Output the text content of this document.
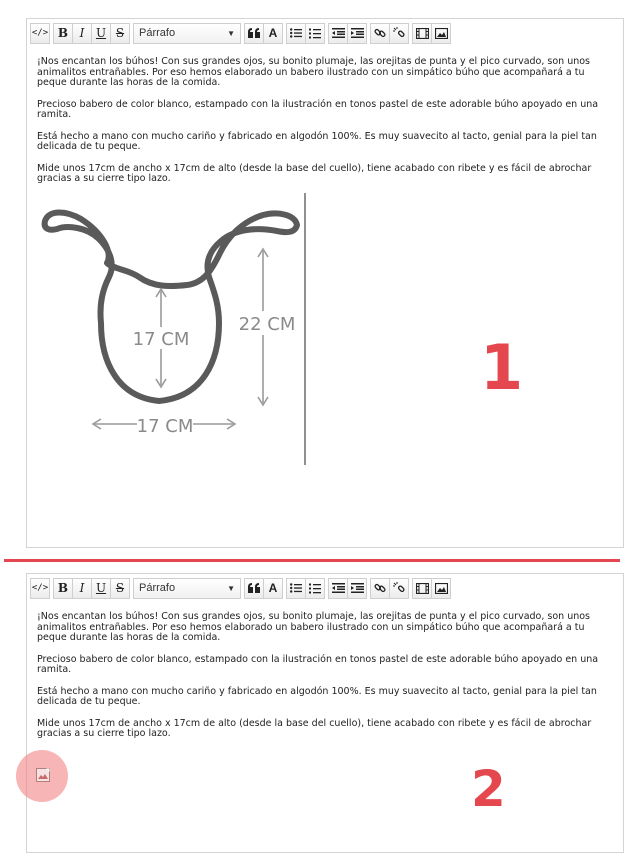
</> B I U S	Párrafo	▼	A

¡Nos encantan los búhos! Con sus grandes ojos, su bonito plumaje, las orejitas de punta y el pico curvado, son unos animalitos entrañables. Por eso hemos elaborado un babero ilustrado con un simpático búho que acompañará a tu peque durante las horas de la comida.

Precioso babero de color blanco, estampado con la ilustración en tonos pastel de este adorable búho apoyado en una ramita.

Está hecho a mano con mucho cariño y fabricado en algodón 100%. Es muy suavecito al tacto, genial para la piel tan delicada de tu peque.

Mide unos 17cm de ancho x 17cm de alto (desde la base del cuello), tiene acabado con ribete y es fácil de abrochar gracias a su cierre tipo lazo.

17 CM
22 CM
17 CM
1
</> B I U S	Párrafo	▼	A

¡Nos encantan los búhos! Con sus grandes ojos, su bonito plumaje, las orejitas de punta y el pico curvado, son unos animalitos entrañables. Por eso hemos elaborado un babero ilustrado con un simpático búho que acompañará a tu peque durante las horas de la comida.

Precioso babero de color blanco, estampado con la ilustración en tonos pastel de este adorable búho apoyado en una ramita.

Está hecho a mano con mucho cariño y fabricado en algodón 100%. Es muy suavecito al tacto, genial para la piel tan delicada de tu peque.

Mide unos 17cm de ancho x 17cm de alto (desde la base del cuello), tiene acabado con ribete y es fácil de abrochar gracias a su cierre tipo lazo.

2
